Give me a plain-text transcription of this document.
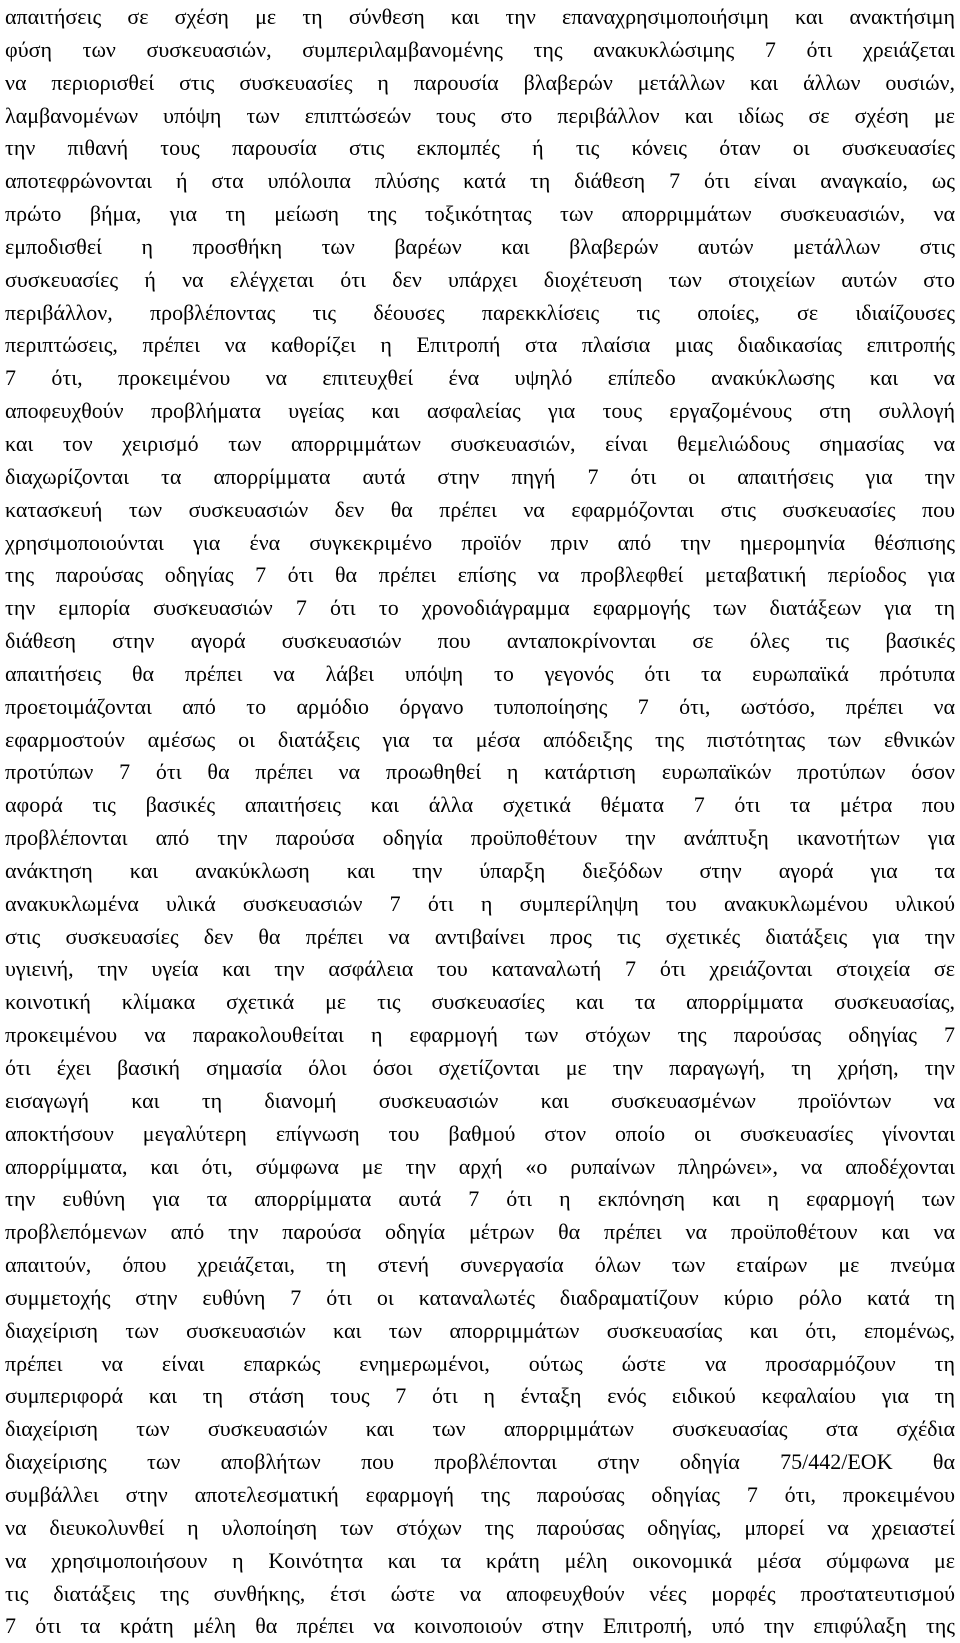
απαιτήσεις σε σχέση με τη σύνθεση και την επαναχρησιμοποιήσιμη και ανακτήσιμη
φύση των συσκευασιών, συμπεριλαμβανομένης της ανακυκλώσιμης 7 ότι χρειάζεται
να περιορισθεί στις συσκευασίες η παρουσία βλαβερών μετάλλων και άλλων ουσιών,
λαμβανομένων υπόψη των επιπτώσεών τους στο περιβάλλον και ιδίως σε σχέση με
την πιθανή τους παρουσία στις εκπομπές ή τις κόνεις όταν οι συσκευασίες
αποτεφρώνονται ή στα υπόλοιπα πλύσης κατά τη διάθεση 7 ότι είναι αναγκαίο, ως
πρώτο βήμα, για τη μείωση της τοξικότητας των απορριμμάτων συσκευασιών, να
εμποδισθεί η προσθήκη των βαρέων και βλαβερών αυτών μετάλλων στις
συσκευασίες ή να ελέγχεται ότι δεν υπάρχει διοχέτευση των στοιχείων αυτών στο
περιβάλλον, προβλέποντας τις δέουσες παρεκκλίσεις τις οποίες, σε ιδιαίζουσες
περιπτώσεις, πρέπει να καθορίζει η Επιτροπή στα πλαίσια μιας διαδικασίας επιτροπής
7 ότι, προκειμένου να επιτευχθεί ένα υψηλό επίπεδο ανακύκλωσης και να
αποφευχθούν προβλήματα υγείας και ασφαλείας για τους εργαζομένους στη συλλογή
και τον χειρισμό των απορριμμάτων συσκευασιών, είναι θεμελιώδους σημασίας να
διαχωρίζονται τα απορρίμματα αυτά στην πηγή 7 ότι οι απαιτήσεις για την
κατασκευή των συσκευασιών δεν θα πρέπει να εφαρμόζονται στις συσκευασίες που
χρησιμοποιούνται για ένα συγκεκριμένο προϊόν πριν από την ημερομηνία θέσπισης
της παρούσας οδηγίας 7 ότι θα πρέπει επίσης να προβλεφθεί μεταβατική περίοδος για
την εμπορία συσκευασιών 7 ότι το χρονοδιάγραμμα εφαρμογής των διατάξεων για τη
διάθεση στην αγορά συσκευασιών που ανταποκρίνονται σε όλες τις βασικές
απαιτήσεις θα πρέπει να λάβει υπόψη το γεγονός ότι τα ευρωπαϊκά πρότυπα
προετοιμάζονται από το αρμόδιο όργανο τυποποίησης 7 ότι, ωστόσο, πρέπει να
εφαρμοστούν αμέσως οι διατάξεις για τα μέσα απόδειξης της πιστότητας των εθνικών
προτύπων 7 ότι θα πρέπει να προωθηθεί η κατάρτιση ευρωπαϊκών προτύπων όσον
αφορά τις βασικές απαιτήσεις και άλλα σχετικά θέματα 7 ότι τα μέτρα που
προβλέπονται από την παρούσα οδηγία προϋποθέτουν την ανάπτυξη ικανοτήτων για
ανάκτηση και ανακύκλωση και την ύπαρξη διεξόδων στην αγορά για τα
ανακυκλωμένα υλικά συσκευασιών 7 ότι η συμπερίληψη του ανακυκλωμένου υλικού
στις συσκευασίες δεν θα πρέπει να αντιβαίνει προς τις σχετικές διατάξεις για την
υγιεινή, την υγεία και την ασφάλεια του καταναλωτή 7 ότι χρειάζονται στοιχεία σε
κοινοτική κλίμακα σχετικά με τις συσκευασίες και τα απορρίμματα συσκευασίας,
προκειμένου να παρακολουθείται η εφαρμογή των στόχων της παρούσας οδηγίας 7
ότι έχει βασική σημασία όλοι όσοι σχετίζονται με την παραγωγή, τη χρήση, την
εισαγωγή και τη διανομή συσκευασιών και συσκευασμένων προϊόντων να
αποκτήσουν μεγαλύτερη επίγνωση του βαθμού στον οποίο οι συσκευασίες γίνονται
απορρίμματα, και ότι, σύμφωνα με την αρχή «ο ρυπαίνων πληρώνει», να αποδέχονται
την ευθύνη για τα απορρίμματα αυτά 7 ότι η εκπόνηση και η εφαρμογή των
προβλεπόμενων από την παρούσα οδηγία μέτρων θα πρέπει να προϋποθέτουν και να
απαιτούν, όπου χρειάζεται, τη στενή συνεργασία όλων των εταίρων με πνεύμα
συμμετοχής στην ευθύνη 7 ότι οι καταναλωτές διαδραματίζουν κύριο ρόλο κατά τη
διαχείριση των συσκευασιών και των απορριμμάτων συσκευασίας και ότι, επομένως,
πρέπει να είναι επαρκώς ενημερωμένοι, ούτως ώστε να προσαρμόζουν τη
συμπεριφορά και τη στάση τους 7 ότι η ένταξη ενός ειδικού κεφαλαίου για τη
διαχείριση των συσκευασιών και των απορριμμάτων συσκευασίας στα σχέδια
διαχείρισης των αποβλήτων που προβλέπονται στην οδηγία 75/442/ΕΟΚ θα
συμβάλλει στην αποτελεσματική εφαρμογή της παρούσας οδηγίας 7 ότι, προκειμένου
να διευκολυνθεί η υλοποίηση των στόχων της παρούσας οδηγίας, μπορεί να χρειαστεί
να χρησιμοποιήσουν η Κοινότητα και τα κράτη μέλη οικονομικά μέσα σύμφωνα με
τις διατάξεις της συνθήκης, έτσι ώστε να αποφευχθούν νέες μορφές προστατευτισμού
7 ότι τα κράτη μέλη θα πρέπει να κοινοποιούν στην Επιτροπή, υπό την επιφύλαξη της
